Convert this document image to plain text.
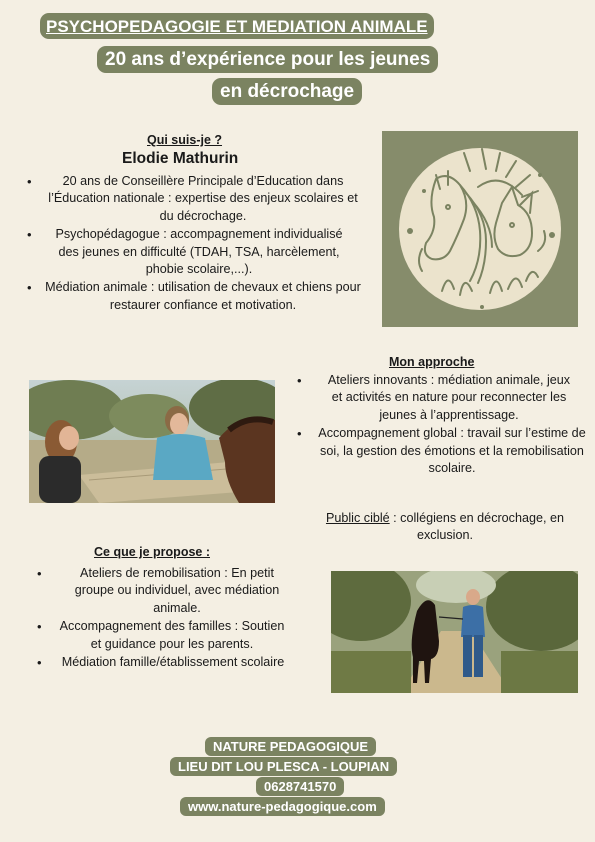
PSYCHOPEDAGOGIE ET MEDIATION ANIMALE
20 ans d’expérience pour les jeunes
en décrochage
Qui suis-je ?
Elodie Mathurin
• 20 ans de Conseillère Principale d’Education dans l’Éducation nationale : expertise des enjeux scolaires et du décrochage.
• Psychopédagogue : accompagnement individualisé des jeunes en difficulté (TDAH, TSA, harcèlement, phobie scolaire,...).
• Médiation animale : utilisation de chevaux et chiens pour restaurer confiance et motivation.
Mon approche
• Ateliers innovants : médiation animale, jeux et activités en nature pour reconnecter les jeunes à l’apprentissage.
• Accompagnement global : travail sur l’estime de soi, la gestion des émotions et la remobilisation scolaire.
Public ciblé : collégiens en décrochage, en exclusion.
Ce que je propose :
• Ateliers de remobilisation : En petit groupe ou individuel, avec médiation animale.
• Accompagnement des familles : Soutien et guidance pour les parents.
• Médiation famille/établissement scolaire
NATURE PEDAGOGIQUE
LIEU DIT LOU PLESCA - LOUPIAN
0628741570
www.nature-pedagogique.com
